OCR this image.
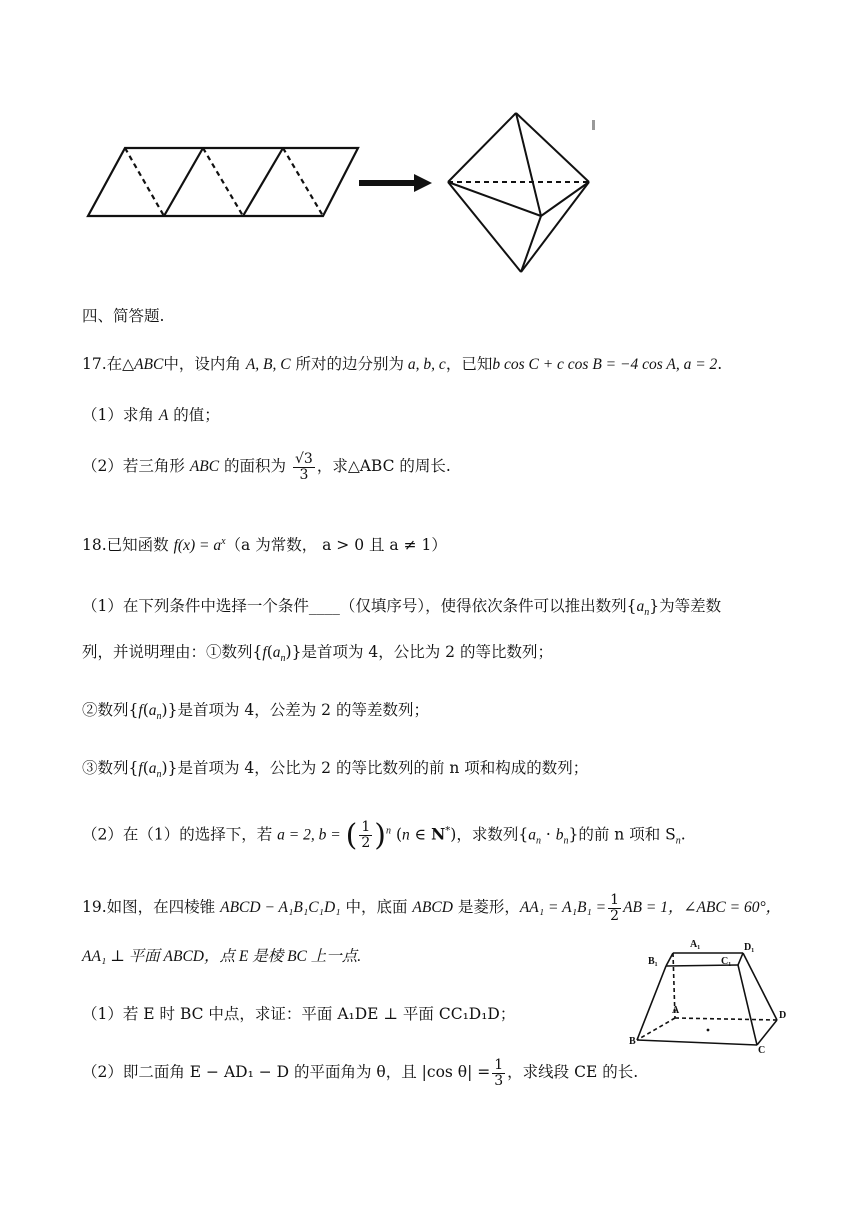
四、简答题.
17.在△ABC中，设内角 A, B, C 所对的边分别为 a, b, c，已知b cos C + c cos B = −4 cos A, a = 2.
（1）求角 A 的值；
（2）若三角形 ABC 的面积为 $\frac{√3}{3}$ ，求△ABC 的周长.
18.已知函数 $f(x) = a^x(a$ 为常数， a > 0 且 a ≠ 1）
（1）在下列条件中选择一个条件____（仅填序号），使得依次条件可以推出数列$\{a_n\}$为等差数
列，并说明理由：①数列$\{f(a_n)\}$是首项为 4，公比为 2 的等比数列；
②数列$\{f(a_n)\}$是首项为 4，公差为 2 的等差数列；
③数列$\{f(a_n)\}$是首项为 4，公比为 2 的等比数列的前 n 项和构成的数列；
（2）在（1）的选择下，若 a = 2, b = ( $\frac{1}{2} )^n$ (n ∈ N*)，求数列$\{a_n \cdot b_n\}$的前 n 项和 $S_n$.
19.如图，在四棱锥 ABCD − A₁B₁C₁D₁ 中，底面 ABCD 是菱形，$AA_1 = A_1B_1 = \frac{1}{2}$ AB = 1，∠ABC = 60°，
AA₁ ⊥ 平面 ABCD，点 E 是棱 BC 上一点.
（1）若 E 时 BC 中点，求证：平面 A₁DE ⊥ 平面 CC₁D₁D；
（2）即二面角 E − AD₁ − D 的平面角为 θ，且 |cos $\theta| = \frac{1}{3}$ ，求线段 CE 的长.
A₁	D₁
B₁	C₁
A	D
B
C
